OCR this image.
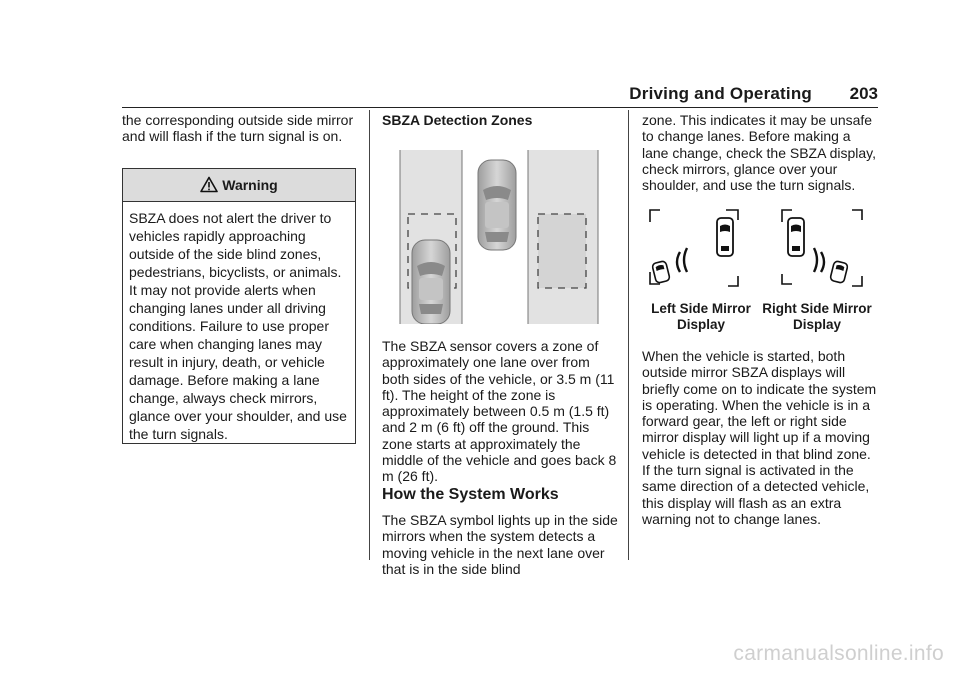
Driving and Operating 203

the corresponding outside side mirror and will flash if the turn signal is on.

Warning
SBZA does not alert the driver to vehicles rapidly approaching outside of the side blind zones, pedestrians, bicyclists, or animals. It may not provide alerts when changing lanes under all driving conditions. Failure to use proper care when changing lanes may result in injury, death, or vehicle damage. Before making a lane change, always check mirrors, glance over your shoulder, and use the turn signals.

SBZA Detection Zones

The SBZA sensor covers a zone of approximately one lane over from both sides of the vehicle, or 3.5 m (11 ft). The height of the zone is approximately between 0.5 m (1.5 ft) and 2 m (6 ft) off the ground. This zone starts at approximately the middle of the vehicle and goes back 8 m (26 ft).

How the System Works

The SBZA symbol lights up in the side mirrors when the system detects a moving vehicle in the next lane over that is in the side blind

zone. This indicates it may be unsafe to change lanes. Before making a lane change, check the SBZA display, check mirrors, glance over your shoulder, and use the turn signals.

Left Side Mirror Display
Right Side Mirror Display

When the vehicle is started, both outside mirror SBZA displays will briefly come on to indicate the system is operating. When the vehicle is in a forward gear, the left or right side mirror display will light up if a moving vehicle is detected in that blind zone. If the turn signal is activated in the same direction of a detected vehicle, this display will flash as an extra warning not to change lanes.

carmanualsonline.info
